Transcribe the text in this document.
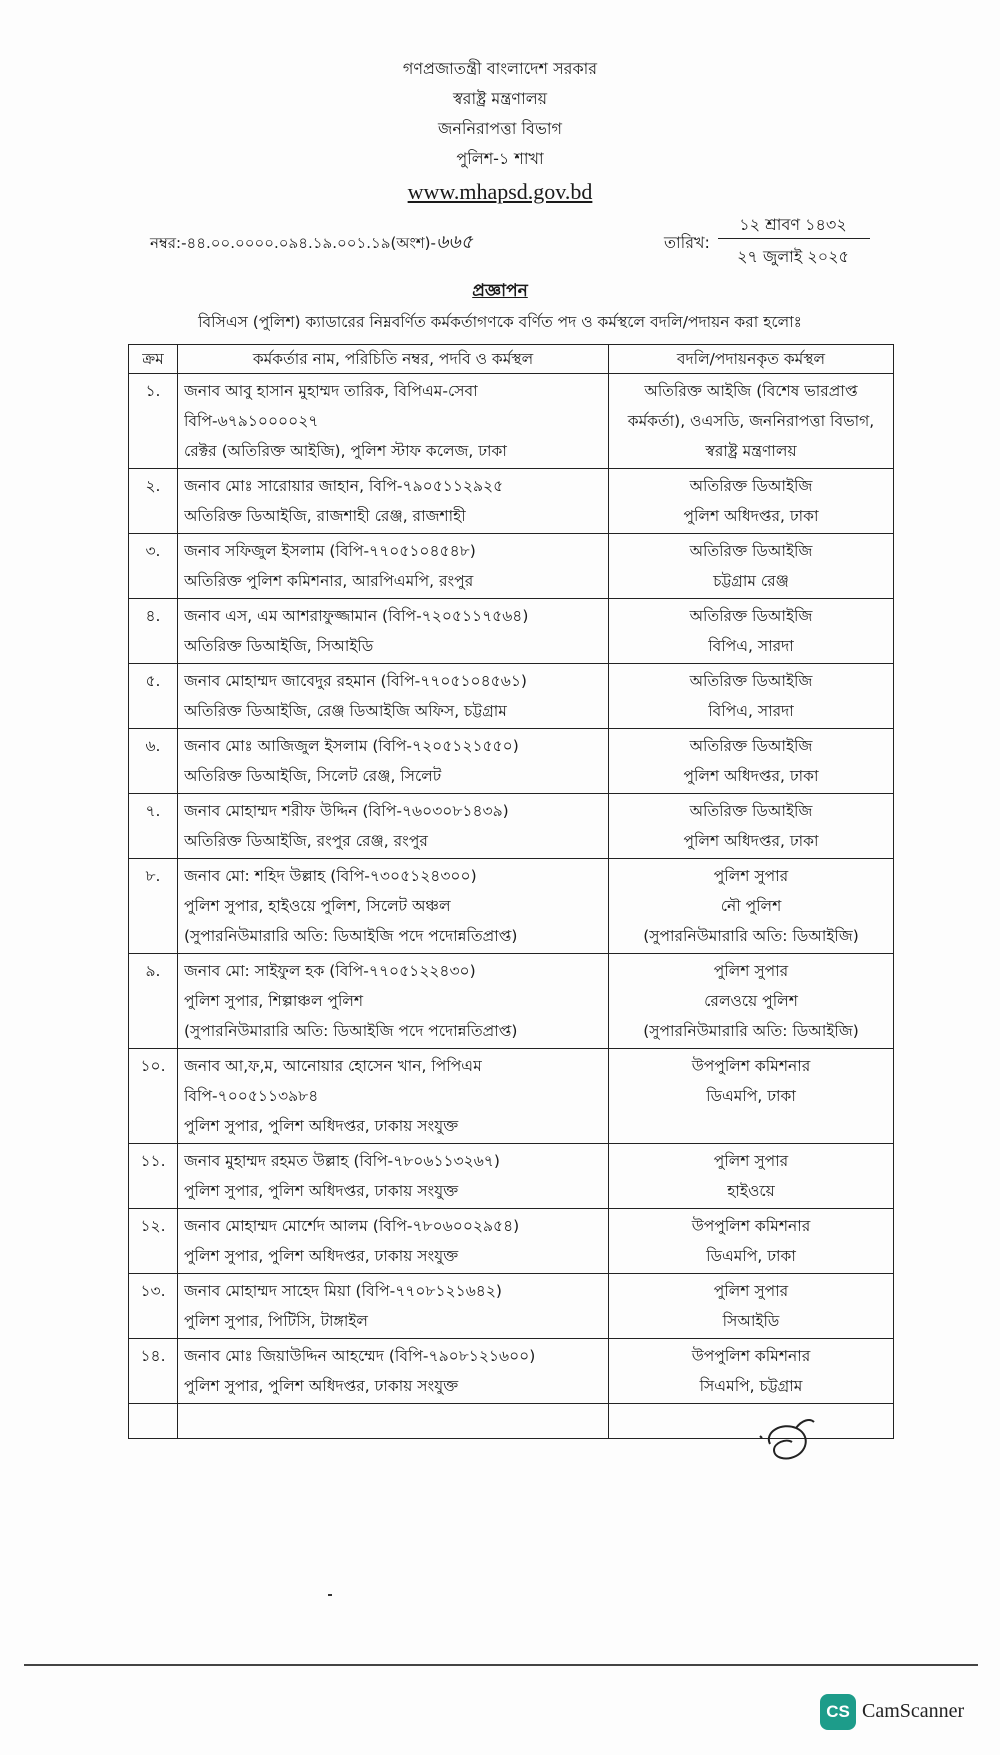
গণপ্রজাতন্ত্রী বাংলাদেশ সরকার
স্বরাষ্ট্র মন্ত্রণালয়
জননিরাপত্তা বিভাগ
পুলিশ-১ শাখা
www.mhapsd.gov.bd
নম্বর:-৪৪.০০.০০০০.০৯৪.১৯.০০১.১৯(অংশ)-৬৬৫	তারিখ:
১২ শ্রাবণ ১৪৩২
২৭ জুলাই ২০২৫
প্রজ্ঞাপন
বিসিএস (পুলিশ) ক্যাডারের নিম্নবর্ণিত কর্মকর্তাগণকে বর্ণিত পদ ও কর্মস্থলে বদলি/পদায়ন করা হলোঃ
ক্রম	কর্মকর্তার নাম, পরিচিতি নম্বর, পদবি ও কর্মস্থল	বদলি/পদায়নকৃত কর্মস্থল
১.	জনাব আবু হাসান মুহাম্মদ তারিক, বিপিএম-সেবা
বিপি-৬৭৯১০০০০২৭
রেক্টর (অতিরিক্ত আইজি), পুলিশ স্টাফ কলেজ, ঢাকা	অতিরিক্ত আইজি (বিশেষ ভারপ্রাপ্ত
কর্মকর্তা), ওএসডি, জননিরাপত্তা বিভাগ,
স্বরাষ্ট্র মন্ত্রণালয়

২.	জনাব মোঃ সারোয়ার জাহান, বিপি-৭৯০৫১১২৯২৫
অতিরিক্ত ডিআইজি, রাজশাহী রেঞ্জ, রাজশাহী	অতিরিক্ত ডিআইজি
পুলিশ অধিদপ্তর, ঢাকা

৩.	জনাব সফিজুল ইসলাম (বিপি-৭৭০৫১০৪৫৪৮)
অতিরিক্ত পুলিশ কমিশনার, আরপিএমপি, রংপুর	অতিরিক্ত ডিআইজি
চট্টগ্রাম রেঞ্জ

৪.	জনাব এস, এম আশরাফুজ্জামান (বিপি-৭২০৫১১৭৫৬৪)
অতিরিক্ত ডিআইজি, সিআইডি	অতিরিক্ত ডিআইজি
বিপিএ, সারদা

৫.	জনাব মোহাম্মদ জাবেদুর রহমান (বিপি-৭৭০৫১০৪৫৬১)
অতিরিক্ত ডিআইজি, রেঞ্জ ডিআইজি অফিস, চট্টগ্রাম	অতিরিক্ত ডিআইজি
বিপিএ, সারদা

৬.	জনাব মোঃ আজিজুল ইসলাম (বিপি-৭২০৫১২১৫৫০)
অতিরিক্ত ডিআইজি, সিলেট রেঞ্জ, সিলেট	অতিরিক্ত ডিআইজি
পুলিশ অধিদপ্তর, ঢাকা

৭.	জনাব মোহাম্মদ শরীফ উদ্দিন (বিপি-৭৬০৩০৮১৪৩৯)
অতিরিক্ত ডিআইজি, রংপুর রেঞ্জ, রংপুর	অতিরিক্ত ডিআইজি
পুলিশ অধিদপ্তর, ঢাকা

৮.	জনাব মো: শহিদ উল্লাহ (বিপি-৭৩০৫১২৪৩০০)
পুলিশ সুপার, হাইওয়ে পুলিশ, সিলেট অঞ্চল
(সুপারনিউমারারি অতি: ডিআইজি পদে পদোন্নতিপ্রাপ্ত)	পুলিশ সুপার
নৌ পুলিশ
(সুপারনিউমারারি অতি: ডিআইজি)

৯.	জনাব মো: সাইফুল হক (বিপি-৭৭০৫১২২৪৩০)
পুলিশ সুপার, শিল্পাঞ্চল পুলিশ
(সুপারনিউমারারি অতি: ডিআইজি পদে পদোন্নতিপ্রাপ্ত)	পুলিশ সুপার
রেলওয়ে পুলিশ
(সুপারনিউমারারি অতি: ডিআইজি)

১০.	জনাব আ,ফ,ম, আনোয়ার হোসেন খান, পিপিএম
বিপি-৭০০৫১১৩৯৮৪
পুলিশ সুপার, পুলিশ অধিদপ্তর, ঢাকায় সংযুক্ত	উপপুলিশ কমিশনার
ডিএমপি, ঢাকা

১১.	জনাব মুহাম্মদ রহমত উল্লাহ (বিপি-৭৮০৬১১৩২৬৭)
পুলিশ সুপার, পুলিশ অধিদপ্তর, ঢাকায় সংযুক্ত	পুলিশ সুপার
হাইওয়ে

১২.	জনাব মোহাম্মদ মোর্শেদ আলম (বিপি-৭৮০৬০০২৯৫৪)
পুলিশ সুপার, পুলিশ অধিদপ্তর, ঢাকায় সংযুক্ত	উপপুলিশ কমিশনার
ডিএমপি, ঢাকা

১৩.	জনাব মোহাম্মদ সাহেদ মিয়া (বিপি-৭৭০৮১২১৬৪২)
পুলিশ সুপার, পিটিসি, টাঙ্গাইল	পুলিশ সুপার
সিআইডি

১৪.	জনাব মোঃ জিয়াউদ্দিন আহম্মেদ (বিপি-৭৯০৮১২১৬০০)
পুলিশ সুপার, পুলিশ অধিদপ্তর, ঢাকায় সংযুক্ত	উপপুলিশ কমিশনার
সিএমপি, চট্টগ্রাম

CS CamScanner
